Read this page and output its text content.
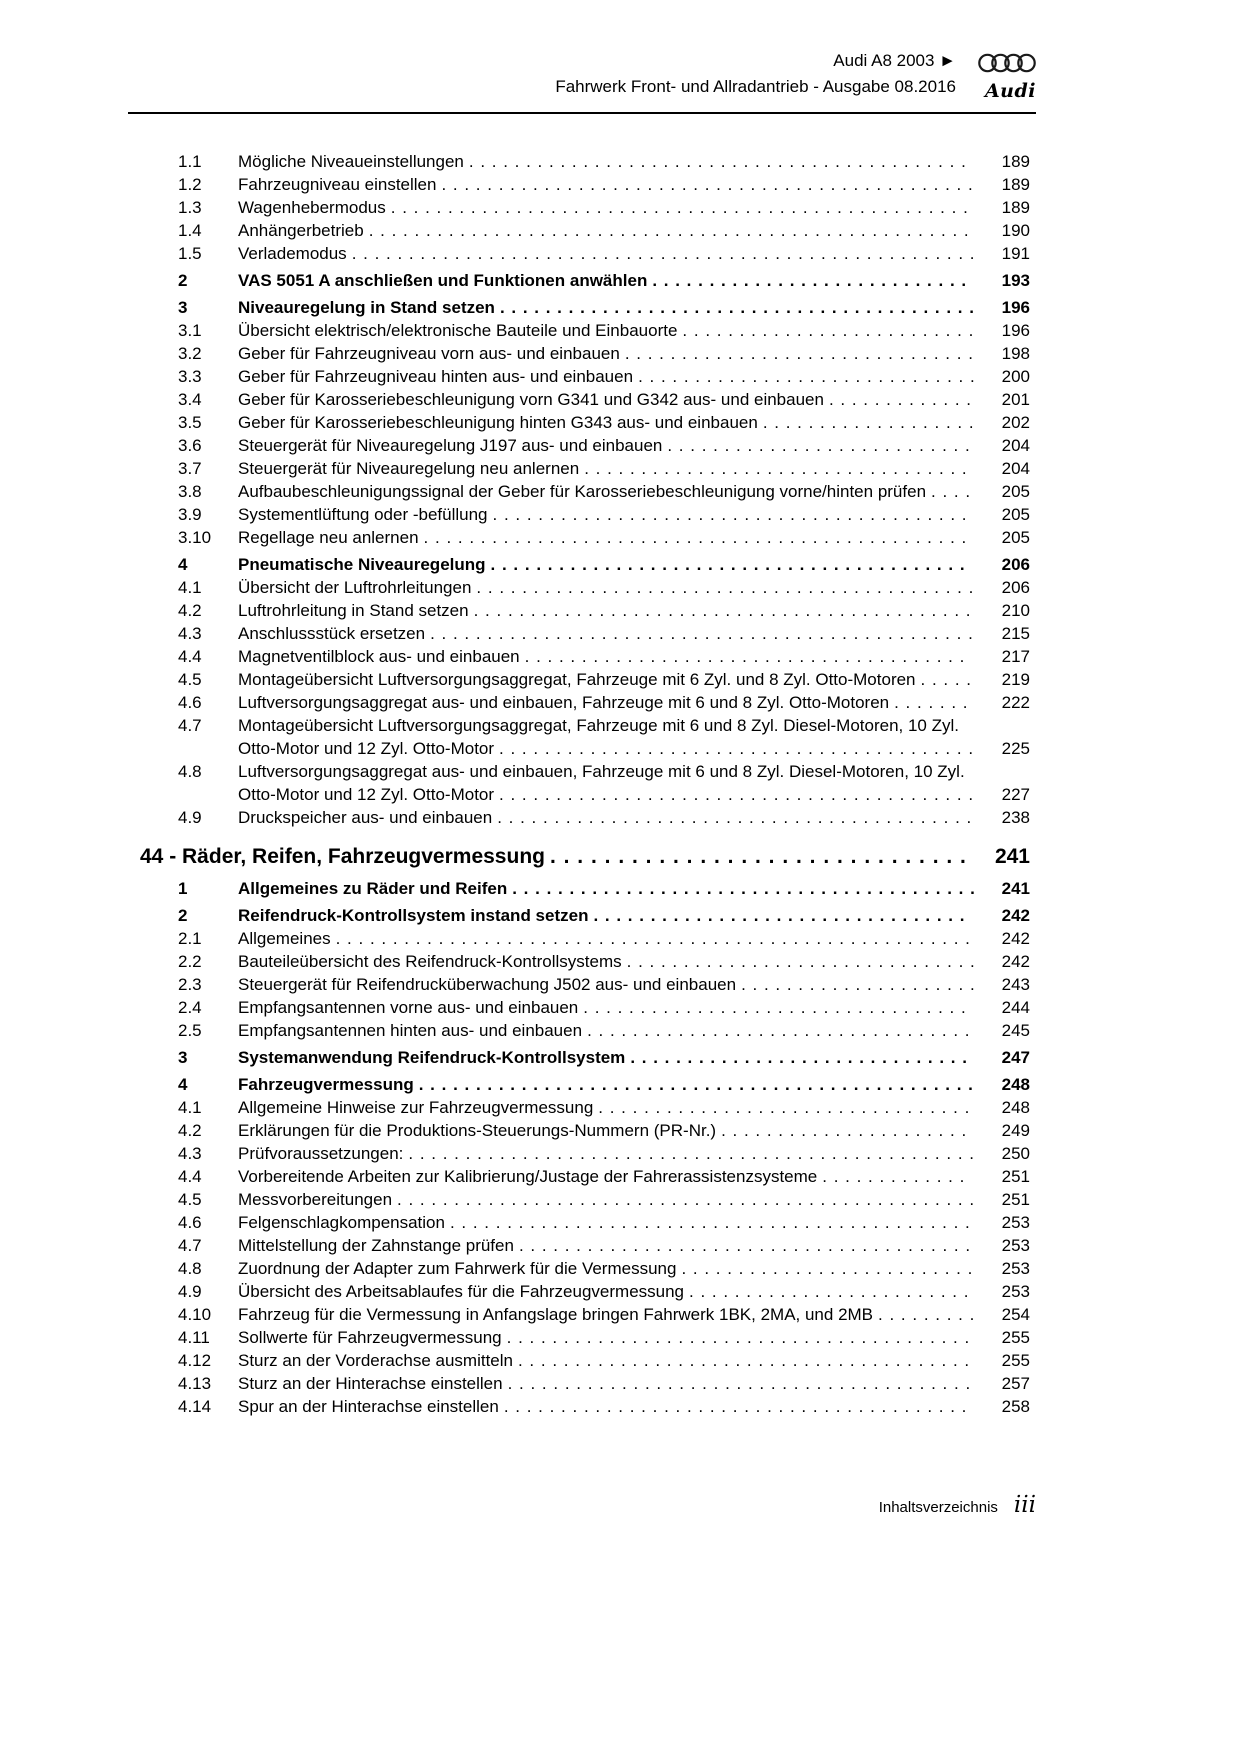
Audi A8 2003 ►
Fahrwerk Front- und Allradantrieb - Ausgabe 08.2016 Audi
1.1	Mögliche Niveaueinstellungen . . . . . . . . . . . . . . . . . . . . . . . . . . . . . . . . . . . . . . . . . . . .	189
1.2	Fahrzeugniveau einstellen . . . . . . . . . . . . . . . . . . . . . . . . . . . . . . . . . . . . . . . . . . . . . . .	189
1.3	Wagenhebermodus . . . . . . . . . . . . . . . . . . . . . . . . . . . . . . . . . . . . . . . . . . . . . . . . . . .	189
1.4	Anhängerbetrieb . . . . . . . . . . . . . . . . . . . . . . . . . . . . . . . . . . . . . . . . . . . . . . . . . . . . .	190
1.5	Verlademodus . . . . . . . . . . . . . . . . . . . . . . . . . . . . . . . . . . . . . . . . . . . . . . . . . . . . . . .	191
2	VAS 5051 A anschließen und Funktionen anwählen . . . . . . . . . . . . . . . . . . . . . . . . . . . .	193
3	Niveauregelung in Stand setzen . . . . . . . . . . . . . . . . . . . . . . . . . . . . . . . . . . . . . . . . . .	196
3.1	Übersicht elektrisch/elektronische Bauteile und Einbauorte . . . . . . . . . . . . . . . . . . . . . . . . . .	196
3.2	Geber für Fahrzeugniveau vorn aus- und einbauen . . . . . . . . . . . . . . . . . . . . . . . . . . . . . . .	198
3.3	Geber für Fahrzeugniveau hinten aus- und einbauen . . . . . . . . . . . . . . . . . . . . . . . . . . . . . .	200
3.4	Geber für Karosseriebeschleunigung vorn G341 und G342 aus- und einbauen . . . . . . . . . . . . .	201
3.5	Geber für Karosseriebeschleunigung hinten G343 aus- und einbauen . . . . . . . . . . . . . . . . . . .	202
3.6	Steuergerät für Niveauregelung J197 aus- und einbauen . . . . . . . . . . . . . . . . . . . . . . . . . . .	204
3.7	Steuergerät für Niveauregelung neu anlernen . . . . . . . . . . . . . . . . . . . . . . . . . . . . . . . . . .	204
3.8	Aufbaubeschleunigungssignal der Geber für Karosseriebeschleunigung vorne/hinten prüfen . . . .	205
3.9	Systementlüftung oder -befüllung . . . . . . . . . . . . . . . . . . . . . . . . . . . . . . . . . . . . . . . . . .	205
3.10	Regellage neu anlernen . . . . . . . . . . . . . . . . . . . . . . . . . . . . . . . . . . . . . . . . . . . . . . . .	205
4	Pneumatische Niveauregelung . . . . . . . . . . . . . . . . . . . . . . . . . . . . . . . . . . . . . . . . . .	206
4.1	Übersicht der Luftrohrleitungen . . . . . . . . . . . . . . . . . . . . . . . . . . . . . . . . . . . . . . . . . . . .	206
4.2	Luftrohrleitung in Stand setzen . . . . . . . . . . . . . . . . . . . . . . . . . . . . . . . . . . . . . . . . . . . .	210
4.3	Anschlussstück ersetzen . . . . . . . . . . . . . . . . . . . . . . . . . . . . . . . . . . . . . . . . . . . . . . . .	215
4.4	Magnetventilblock aus- und einbauen . . . . . . . . . . . . . . . . . . . . . . . . . . . . . . . . . . . . . . .	217
4.5	Montageübersicht Luftversorgungsaggregat, Fahrzeuge mit 6 Zyl. und 8 Zyl. Otto-Motoren . . . . .	219
4.6	Luftversorgungsaggregat aus- und einbauen, Fahrzeuge mit 6 und 8 Zyl. Otto-Motoren . . . . . . .	222
4.7	Montageübersicht Luftversorgungsaggregat, Fahrzeuge mit 6 und 8 Zyl. Diesel-Motoren, 10 Zyl. Otto-Motor und 12 Zyl. Otto-Motor . . . . . . . . . . . . . . . . . . . . . . . . . . . . . . . . . . . . . . . . . .	225
4.8	Luftversorgungsaggregat aus- und einbauen, Fahrzeuge mit 6 und 8 Zyl. Diesel-Motoren, 10 Zyl. Otto-Motor und 12 Zyl. Otto-Motor . . . . . . . . . . . . . . . . . . . . . . . . . . . . . . . . . . . . . . . . . .	227
4.9	Druckspeicher aus- und einbauen . . . . . . . . . . . . . . . . . . . . . . . . . . . . . . . . . . . . . . . . . .	238
44 - Räder, Reifen, Fahrzeugvermessung . . . . . . . . . . . . . . . . . . . . . . . . . . . . . . .	241
1	Allgemeines zu Räder und Reifen . . . . . . . . . . . . . . . . . . . . . . . . . . . . . . . . . . . . . . . . .	241
2	Reifendruck-Kontrollsystem instand setzen . . . . . . . . . . . . . . . . . . . . . . . . . . . . . . . . .	242
2.1	Allgemeines . . . . . . . . . . . . . . . . . . . . . . . . . . . . . . . . . . . . . . . . . . . . . . . . . . . . . . . .	242
2.2	Bauteileübersicht des Reifendruck-Kontrollsystems . . . . . . . . . . . . . . . . . . . . . . . . . . . . . . .	242
2.3	Steuergerät für Reifendrucküberwachung J502 aus- und einbauen . . . . . . . . . . . . . . . . . . . . .	243
2.4	Empfangsantennen vorne aus- und einbauen . . . . . . . . . . . . . . . . . . . . . . . . . . . . . . . . . .	244
2.5	Empfangsantennen hinten aus- und einbauen . . . . . . . . . . . . . . . . . . . . . . . . . . . . . . . . . .	245
3	Systemanwendung Reifendruck-Kontrollsystem . . . . . . . . . . . . . . . . . . . . . . . . . . . . . .	247
4	Fahrzeugvermessung . . . . . . . . . . . . . . . . . . . . . . . . . . . . . . . . . . . . . . . . . . . . . . . . .	248
4.1	Allgemeine Hinweise zur Fahrzeugvermessung . . . . . . . . . . . . . . . . . . . . . . . . . . . . . . . . .	248
4.2	Erklärungen für die Produktions-Steuerungs-Nummern (PR-Nr.) . . . . . . . . . . . . . . . . . . . . . .	249
4.3	Prüfvoraussetzungen: . . . . . . . . . . . . . . . . . . . . . . . . . . . . . . . . . . . . . . . . . . . . . . . . . .	250
4.4	Vorbereitende Arbeiten zur Kalibrierung/Justage der Fahrerassistenzsysteme . . . . . . . . . . . . .	251
4.5	Messvorbereitungen . . . . . . . . . . . . . . . . . . . . . . . . . . . . . . . . . . . . . . . . . . . . . . . . . . .	251
4.6	Felgenschlagkompensation . . . . . . . . . . . . . . . . . . . . . . . . . . . . . . . . . . . . . . . . . . . . . .	253
4.7	Mittelstellung der Zahnstange prüfen . . . . . . . . . . . . . . . . . . . . . . . . . . . . . . . . . . . . . . . .	253
4.8	Zuordnung der Adapter zum Fahrwerk für die Vermessung . . . . . . . . . . . . . . . . . . . . . . . . . .	253
4.9	Übersicht des Arbeitsablaufes für die Fahrzeugvermessung . . . . . . . . . . . . . . . . . . . . . . . . .	253
4.10	Fahrzeug für die Vermessung in Anfangslage bringen Fahrwerk 1BK, 2MA, und 2MB . . . . . . . . .	254
4.11	Sollwerte für Fahrzeugvermessung . . . . . . . . . . . . . . . . . . . . . . . . . . . . . . . . . . . . . . . . .	255
4.12	Sturz an der Vorderachse ausmitteln . . . . . . . . . . . . . . . . . . . . . . . . . . . . . . . . . . . . . . . .	255
4.13	Sturz an der Hinterachse einstellen . . . . . . . . . . . . . . . . . . . . . . . . . . . . . . . . . . . . . . . . .	257
4.14	Spur an der Hinterachse einstellen . . . . . . . . . . . . . . . . . . . . . . . . . . . . . . . . . . . . . . . . .	258
Inhaltsverzeichnis iii
